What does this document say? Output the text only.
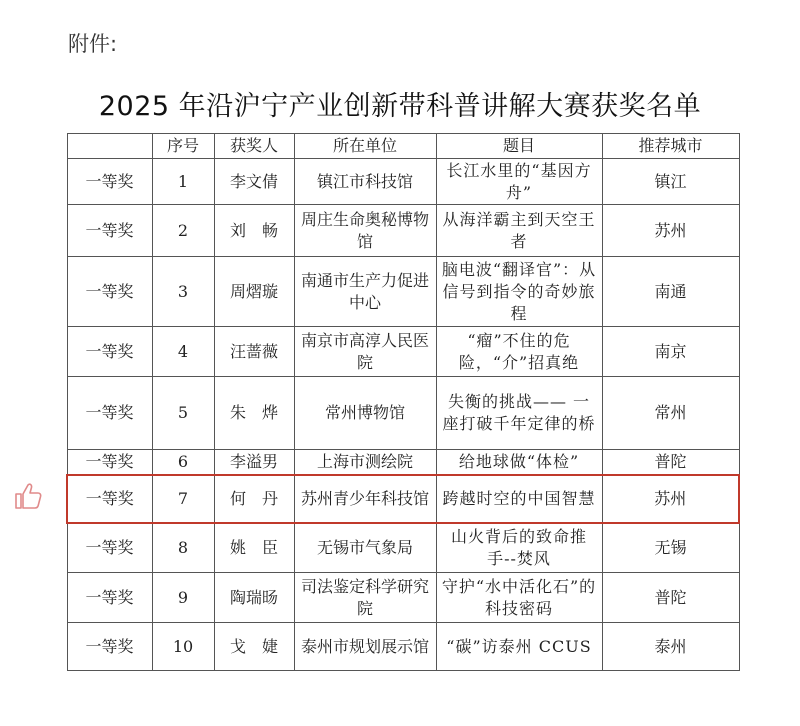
附件:
2025 年沿沪宁产业创新带科普讲解大赛获奖名单
	序号	获奖人	所在单位	题目	推荐城市
一等奖	1	李文倩	镇江市科技馆	长江水里的“基因方舟”	镇江
一等奖	2	刘　畅	周庄生命奥秘博物馆	从海洋霸主到天空王者	苏州
一等奖	3	周熠璇	南通市生产力促进中心	脑电波“翻译官”：从信号到指令的奇妙旅程	南通
一等奖	4	汪蔷薇	南京市高淳人民医院	“瘤”不住的危险，“介”招真绝	南京
一等奖	5	朱　烨	常州博物馆	失衡的挑战—— 一座打破千年定律的桥	常州
一等奖	6	李溢男	上海市测绘院	给地球做“体检”	普陀
一等奖	7	何　丹	苏州青少年科技馆	跨越时空的中国智慧	苏州
一等奖	8	姚　臣	无锡市气象局	山火背后的致命推手--焚风	无锡
一等奖	9	陶瑞旸	司法鉴定科学研究院	守护“水中活化石”的科技密码	普陀
一等奖	10	戈　婕	泰州市规划展示馆	“碳”访泰州 CCUS	泰州
